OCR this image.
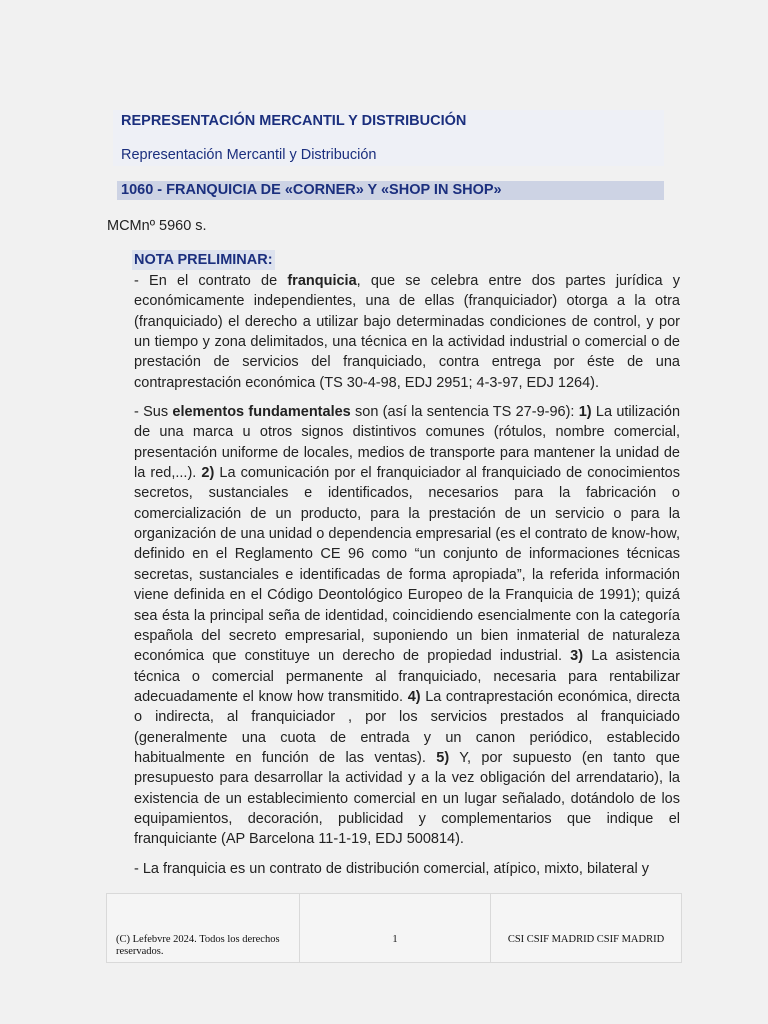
REPRESENTACIÓN MERCANTIL Y DISTRIBUCIÓN

Representación Mercantil y Distribución

1060 - FRANQUICIA DE «CORNER» Y «SHOP IN SHOP»

MCMnº 5960 s.

NOTA PRELIMINAR:

- En el contrato de franquicia, que se celebra entre dos partes jurídica y económicamente independientes, una de ellas (franquiciador) otorga a la otra (franquiciado) el derecho a utilizar bajo determinadas condiciones de control, y por un tiempo y zona delimitados, una técnica en la actividad industrial o comercial o de prestación de servicios del franquiciado, contra entrega por éste de una contraprestación económica (TS 30-4-98, EDJ 2951; 4-3-97, EDJ 1264).

- Sus elementos fundamentales son (así la sentencia TS 27-9-96): 1) La utilización de una marca u otros signos distintivos comunes (rótulos, nombre comercial, presentación uniforme de locales, medios de transporte para mantener la unidad de la red,...). 2) La comunicación por el franquiciador al franquiciado de conocimientos secretos, sustanciales e identificados, necesarios para la fabricación o comercialización de un producto, para la prestación de un servicio o para la organización de una unidad o dependencia empresarial (es el contrato de know-how, definido en el Reglamento CE 96 como “un conjunto de informaciones técnicas secretas, sustanciales e identificadas de forma apropiada”, la referida información viene definida en el Código Deontológico Europeo de la Franquicia de 1991); quizá sea ésta la principal seña de identidad, coincidiendo esencialmente con la categoría española del secreto empresarial, suponiendo un bien inmaterial de naturaleza económica que constituye un derecho de propiedad industrial. 3) La asistencia técnica o comercial permanente al franquiciado, necesaria para rentabilizar adecuadamente el know how transmitido. 4) La contraprestación económica, directa o indirecta, al franquiciador , por los servicios prestados al franquiciado (generalmente una cuota de entrada y un canon periódico, establecido habitualmente en función de las ventas). 5) Y, por supuesto (en tanto que presupuesto para desarrollar la actividad y a la vez obligación del arrendatario), la existencia de un establecimiento comercial en un lugar señalado, dotándolo de los equipamientos, decoración, publicidad y complementarios que indique el franquiciante (AP Barcelona 11-1-19, EDJ 500814).

- La franquicia es un contrato de distribución comercial, atípico, mixto, bilateral y

(C) Lefebvre 2024. Todos los derechos reservados.
1	CSI CSIF MADRID CSIF MADRID
